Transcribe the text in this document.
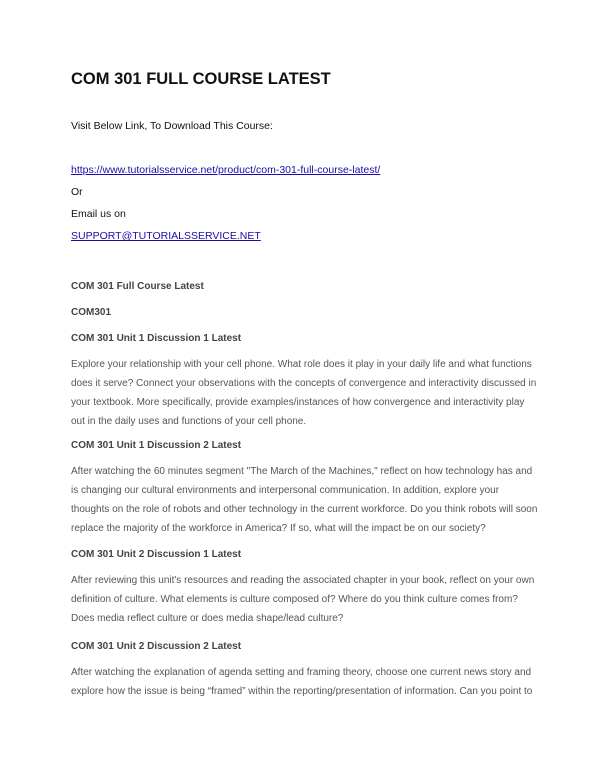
COM 301 FULL COURSE LATEST
Visit Below Link, To Download This Course:
https://www.tutorialsservice.net/product/com-301-full-course-latest/
Or
Email us on
SUPPORT@TUTORIALSSERVICE.NET
COM 301 Full Course Latest
COM301
COM 301 Unit 1 Discussion 1 Latest
Explore your relationship with your cell phone. What role does it play in your daily life and what functions
does it serve? Connect your observations with the concepts of convergence and interactivity discussed in
your textbook. More specifically, provide examples/instances of how convergence and interactivity play
out in the daily uses and functions of your cell phone.
COM 301 Unit 1 Discussion 2 Latest
After watching the 60 minutes segment "The March of the Machines," reflect on how technology has and
is changing our cultural environments and interpersonal communication. In addition, explore your
thoughts on the role of robots and other technology in the current workforce. Do you think robots will soon
replace the majority of the workforce in America? If so, what will the impact be on our society?
COM 301 Unit 2 Discussion 1 Latest
After reviewing this unit's resources and reading the associated chapter in your book, reflect on your own
definition of culture. What elements is culture composed of? Where do you think culture comes from?
Does media reflect culture or does media shape/lead culture?
COM 301 Unit 2 Discussion 2 Latest
After watching the explanation of agenda setting and framing theory, choose one current news story and
explore how the issue is being “framed” within the reporting/presentation of information. Can you point to
